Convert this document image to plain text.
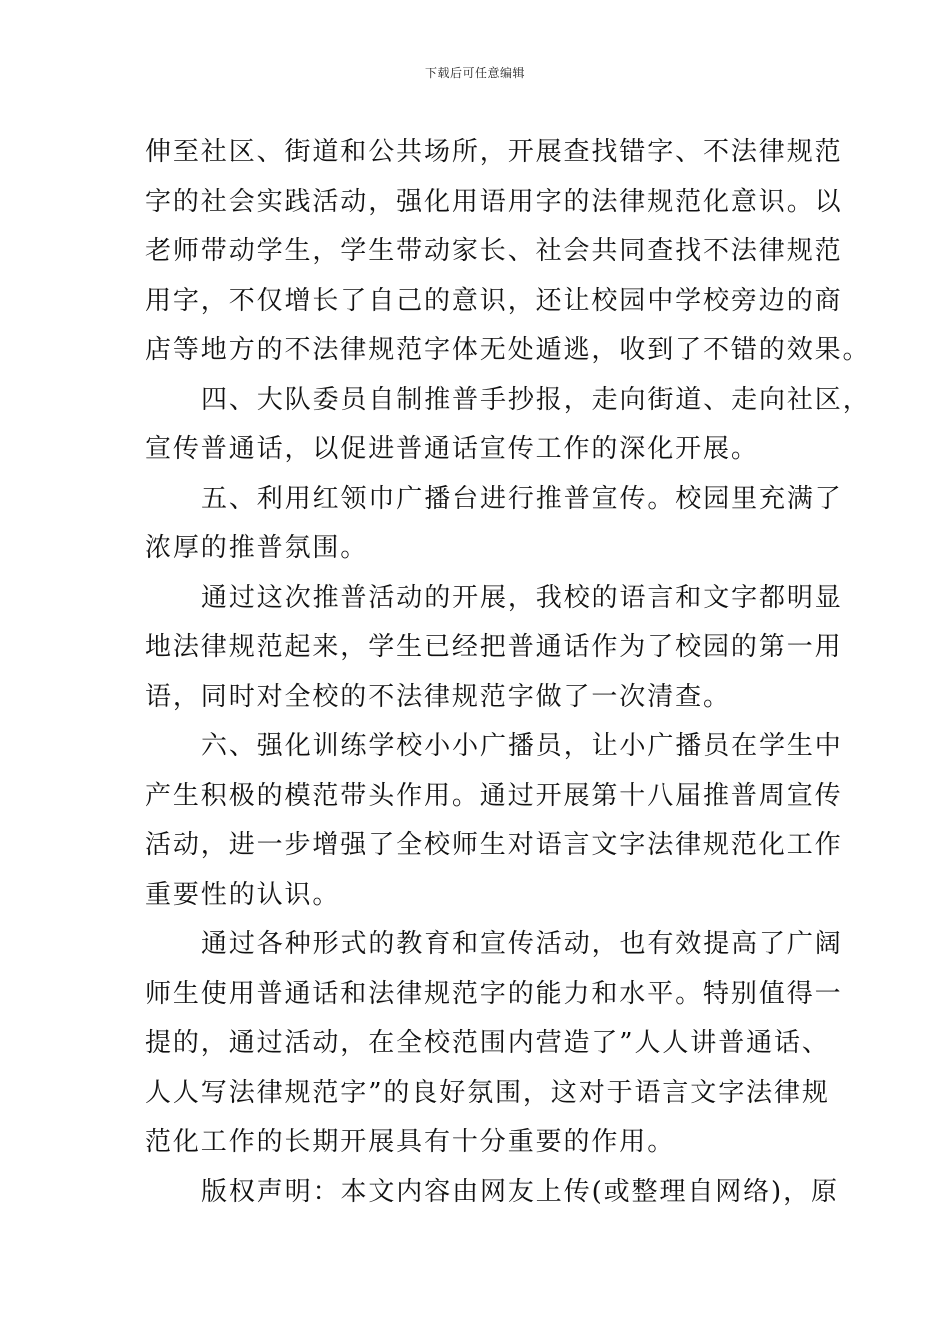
下载后可任意编辑
伸至社区、街道和公共场所，开展查找错字、不法律规范
字的社会实践活动，强化用语用字的法律规范化意识。以
老师带动学生，学生带动家长、社会共同查找不法律规范
用字，不仅增长了自己的意识，还让校园中学校旁边的商
店等地方的不法律规范字体无处遁逃，收到了不错的效果。
四、大队委员自制推普手抄报，走向街道、走向社区，
宣传普通话，以促进普通话宣传工作的深化开展。
五、利用红领巾广播台进行推普宣传。校园里充满了
浓厚的推普氛围。
通过这次推普活动的开展，我校的语言和文字都明显
地法律规范起来，学生已经把普通话作为了校园的第一用
语，同时对全校的不法律规范字做了一次清查。
六、强化训练学校小小广播员，让小广播员在学生中
产生积极的模范带头作用。通过开展第十八届推普周宣传
活动，进一步增强了全校师生对语言文字法律规范化工作
重要性的认识。
通过各种形式的教育和宣传活动，也有效提高了广阔
师生使用普通话和法律规范字的能力和水平。特别值得一
提的，通过活动，在全校范围内营造了”人人讲普通话、
人人写法律规范字”的良好氛围，这对于语言文字法律规
范化工作的长期开展具有十分重要的作用。
版权声明：本文内容由网友上传(或整理自网络)，原
